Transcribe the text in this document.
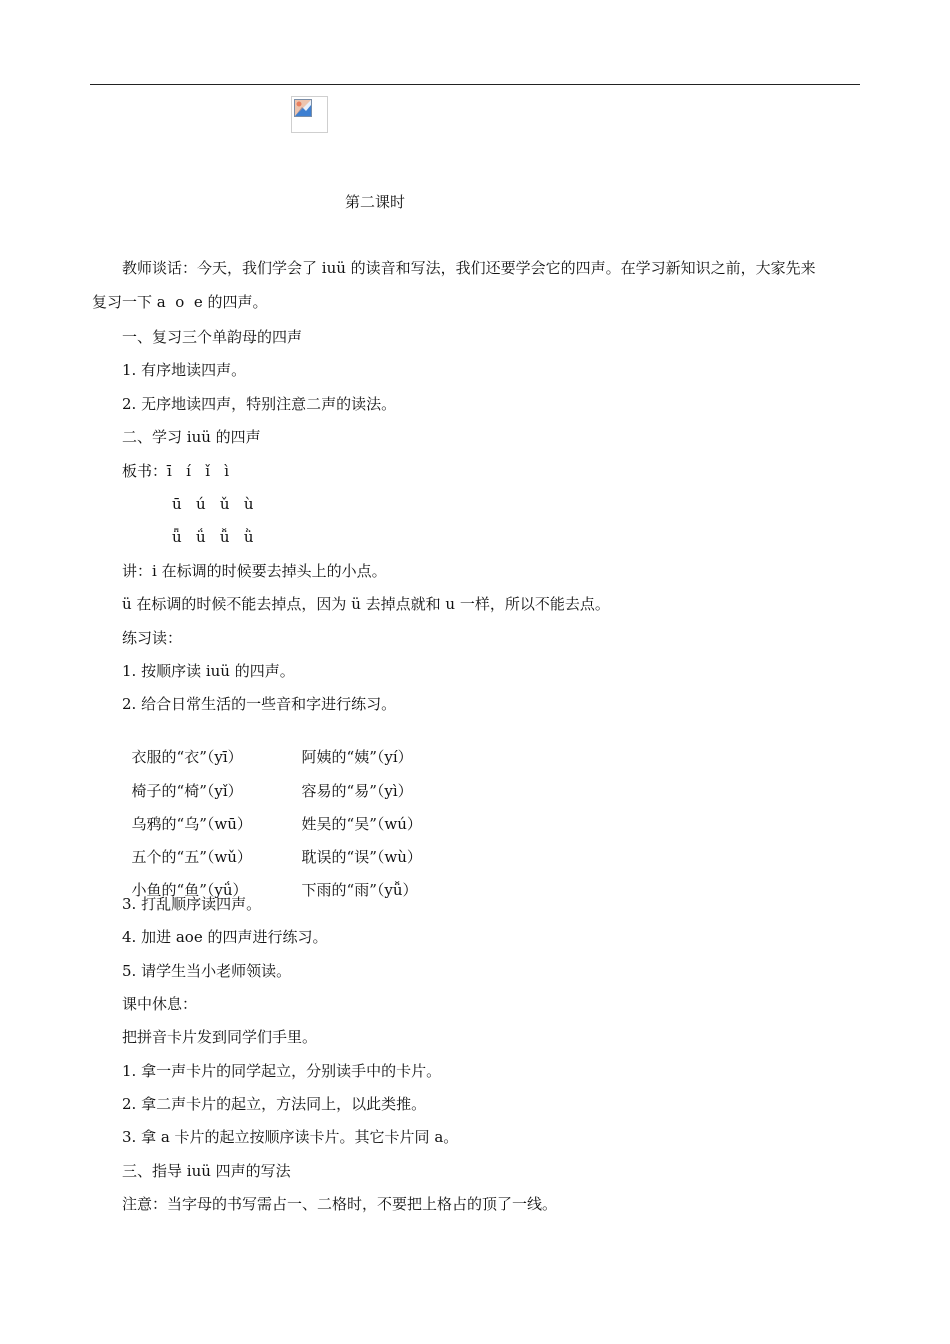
第二课时
教师谈话：今天，我们学会了 iuü 的读音和写法，我们还要学会它的四声。在学习新知识之前，大家先来
复习一下 a  o  e 的四声。
一、复习三个单韵母的四声
1. 有序地读四声。
2. 无序地读四声，特别注意二声的读法。
二、学习 iuü 的四声
板书：ī   í   ǐ   ì
ū   ú   ǔ   ù
ǖ   ǘ   ǚ   ǜ
讲：i 在标调的时候要去掉头上的小点。
ü 在标调的时候不能去掉点，因为 ü 去掉点就和 u 一样，所以不能去点。
练习读：
1. 按顺序读 iuü 的四声。
2. 给合日常生活的一些音和字进行练习。

衣服的“衣”（yī）	阿姨的“姨”（yí）

椅子的“椅”（yǐ）	容易的“易”（yì）

乌鸦的“乌”（wū）	姓吴的“吴”（wú）

五个的“五”（wǔ）	耽误的“误”（wù）

小鱼的“鱼”（yǘ）	下雨的“雨”（yǚ）

3. 打乱顺序读四声。
4. 加进 aoe 的四声进行练习。
5. 请学生当小老师领读。
课中休息：
把拼音卡片发到同学们手里。
1. 拿一声卡片的同学起立，分别读手中的卡片。
2. 拿二声卡片的起立，方法同上，以此类推。
3. 拿 a 卡片的起立按顺序读卡片。其它卡片同 a。
三、指导 iuü 四声的写法
注意：当字母的书写需占一、二格时，不要把上格占的顶了一线。
